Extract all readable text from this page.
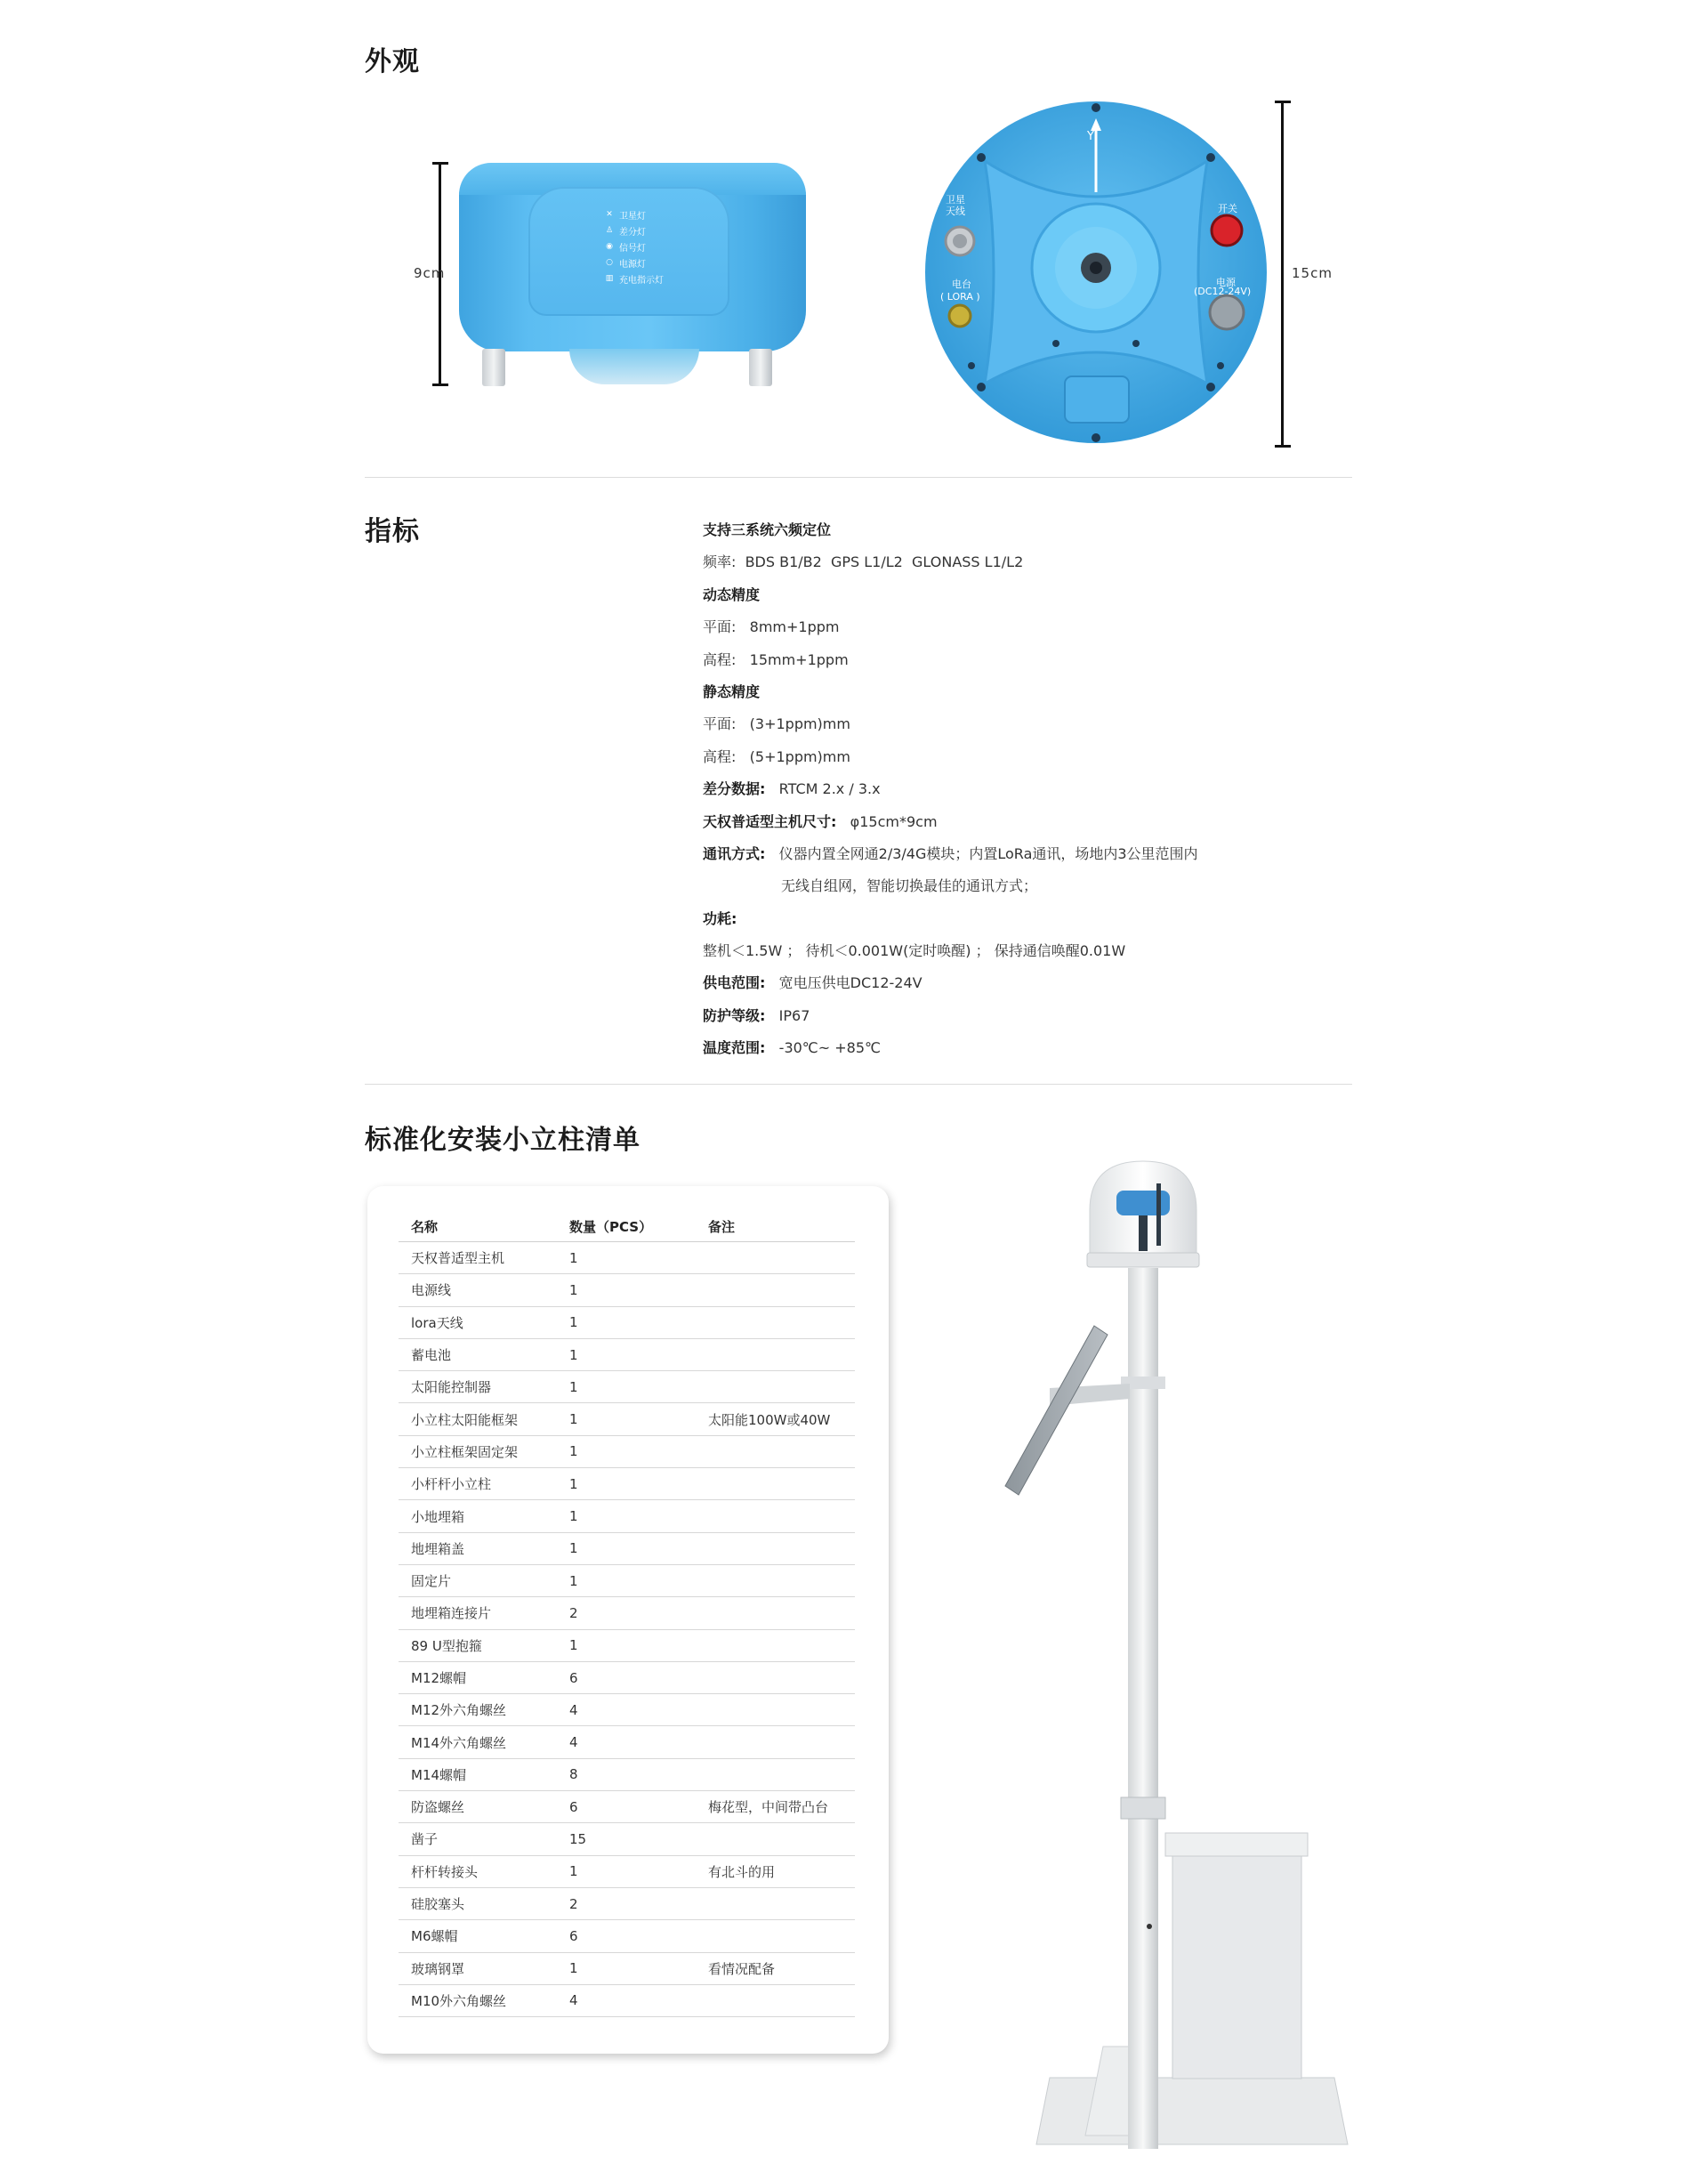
外观
9cm
✕ 卫星灯
♙ 差分灯
◉ 信号灯
○ 电源灯
▥ 充电指示灯
Y
卫星
天线
电台
( LORA )
开关
电源
(DC12-24V)
15cm
指标	支持三系统六频定位
频率:  BDS B1/B2  GPS L1/L2  GLONASS L1/L2
动态精度
平面:   8mm+1ppm
高程:   15mm+1ppm
静态精度
平面:   (3+1ppm)mm
高程:   (5+1ppm)mm
差分数据:   RTCM 2.x / 3.x
天权普适型主机尺寸:   φ15cm*9cm
通讯方式:   仪器内置全网通2/3/4G模块；内置LoRa通讯，场地内3公里范围内
无线自组网，智能切换最佳的通讯方式；
功耗:
整机＜1.5W ； 待机＜0.001W(定时唤醒) ； 保持通信唤醒0.01W
供电范围:   宽电压供电DC12-24V
防护等级:   IP67
温度范围:   -30℃~ +85℃
标准化安装小立柱清单
名称	数量（PCS）	备注
天权普适型主机	1	
电源线	1	
lora天线	1	
蓄电池	1	
太阳能控制器	1	
小立柱太阳能框架	1	太阳能100W或40W
小立柱框架固定架	1	
小杆杆小立柱	1	
小地埋箱	1	
地埋箱盖	1	
固定片	1	
地埋箱连接片	2	
89 U型抱箍	1	
M12螺帽	6	
M12外六角螺丝	4	
M14外六角螺丝	4	
M14螺帽	8	
防盗螺丝	6	梅花型，中间带凸台
凿子	15	
杆杆转接头	1	有北斗的用
硅胶塞头	2	
M6螺帽	6	
玻璃钢罩	1	看情况配备
M10外六角螺丝	4	
